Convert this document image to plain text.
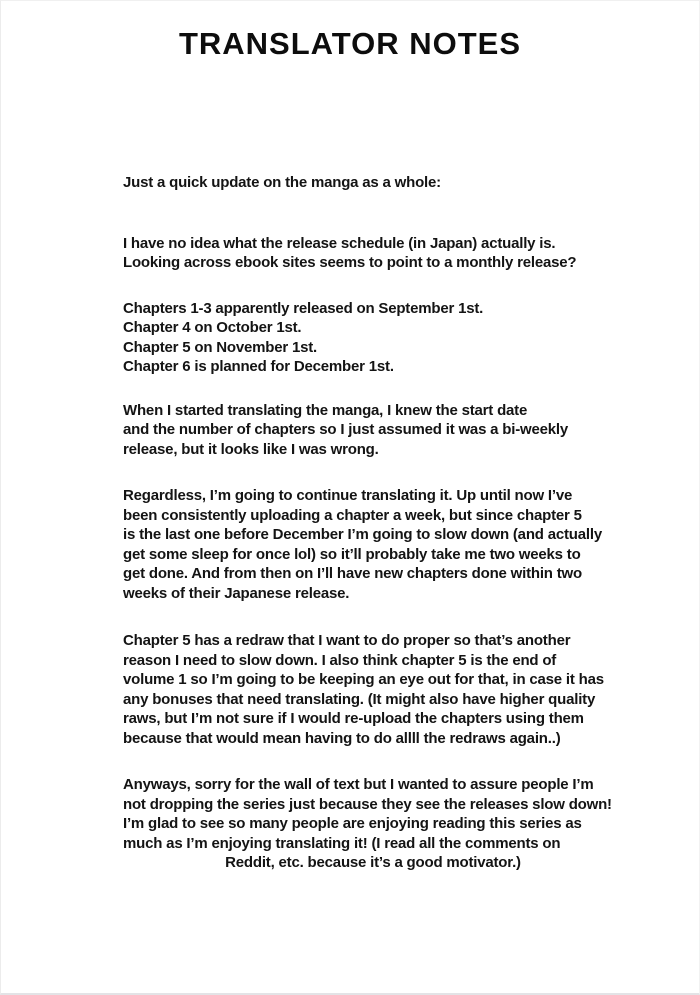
TRANSLATOR NOTES
Just a quick update on the manga as a whole:
I have no idea what the release schedule (in Japan) actually is.
Looking across ebook sites seems to point to a monthly release?
Chapters 1-3 apparently released on September 1st.
Chapter 4 on October 1st.
Chapter 5 on November 1st.
Chapter 6 is planned for December 1st.
When I started translating the manga, I knew the start date
and the number of chapters so I just assumed it was a bi-weekly
release, but it looks like I was wrong.
Regardless, I’m going to continue translating it. Up until now I’ve
been consistently uploading a chapter a week, but since chapter 5
is the last one before December I’m going to slow down (and actually
get some sleep for once lol) so it’ll probably take me two weeks to
get done. And from then on I’ll have new chapters done within two
weeks of their Japanese release.
Chapter 5 has a redraw that I want to do proper so that’s another
reason I need to slow down. I also think chapter 5 is the end of
volume 1 so I’m going to be keeping an eye out for that, in case it has
any bonuses that need translating. (It might also have higher quality
raws, but I’m not sure if I would re-upload the chapters using them
because that would mean having to do allll the redraws again..)
Anyways, sorry for the wall of text but I wanted to assure people I’m
not dropping the series just because they see the releases slow down!
I’m glad to see so many people are enjoying reading this series as
much as I’m enjoying translating it! (I read all the comments on
Reddit, etc. because it’s a good motivator.)
